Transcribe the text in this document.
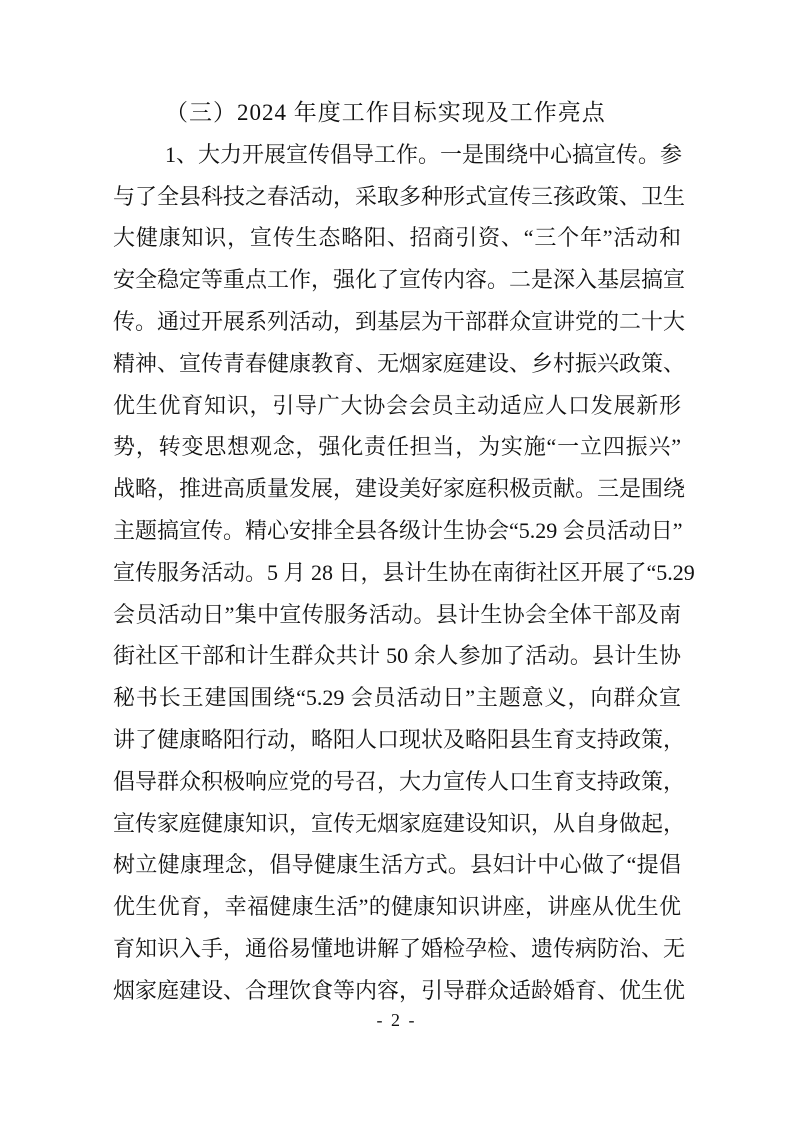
（三）2024 年度工作目标实现及工作亮点
1、大力开展宣传倡导工作。一是围绕中心搞宣传。参
与了全县科技之春活动，采取多种形式宣传三孩政策、卫生
大健康知识，宣传生态略阳、招商引资、“三个年”活动和
安全稳定等重点工作，强化了宣传内容。二是深入基层搞宣
传。通过开展系列活动，到基层为干部群众宣讲党的二十大
精神、宣传青春健康教育、无烟家庭建设、乡村振兴政策、
优生优育知识，引导广大协会会员主动适应人口发展新形
势，转变思想观念，强化责任担当，为实施“一立四振兴”
战略，推进高质量发展，建设美好家庭积极贡献。三是围绕
主题搞宣传。精心安排全县各级计生协会“5.29 会员活动日”
宣传服务活动。5 月 28 日，县计生协在南街社区开展了“5.29
会员活动日”集中宣传服务活动。县计生协会全体干部及南
街社区干部和计生群众共计 50 余人参加了活动。县计生协
秘书长王建国围绕“5.29 会员活动日”主题意义，向群众宣
讲了健康略阳行动，略阳人口现状及略阳县生育支持政策，
倡导群众积极响应党的号召，大力宣传人口生育支持政策，
宣传家庭健康知识，宣传无烟家庭建设知识，从自身做起，
树立健康理念，倡导健康生活方式。县妇计中心做了“提倡
优生优育，幸福健康生活”的健康知识讲座，讲座从优生优
育知识入手，通俗易懂地讲解了婚检孕检、遗传病防治、无
烟家庭建设、合理饮食等内容，引导群众适龄婚育、优生优
- 2 -
